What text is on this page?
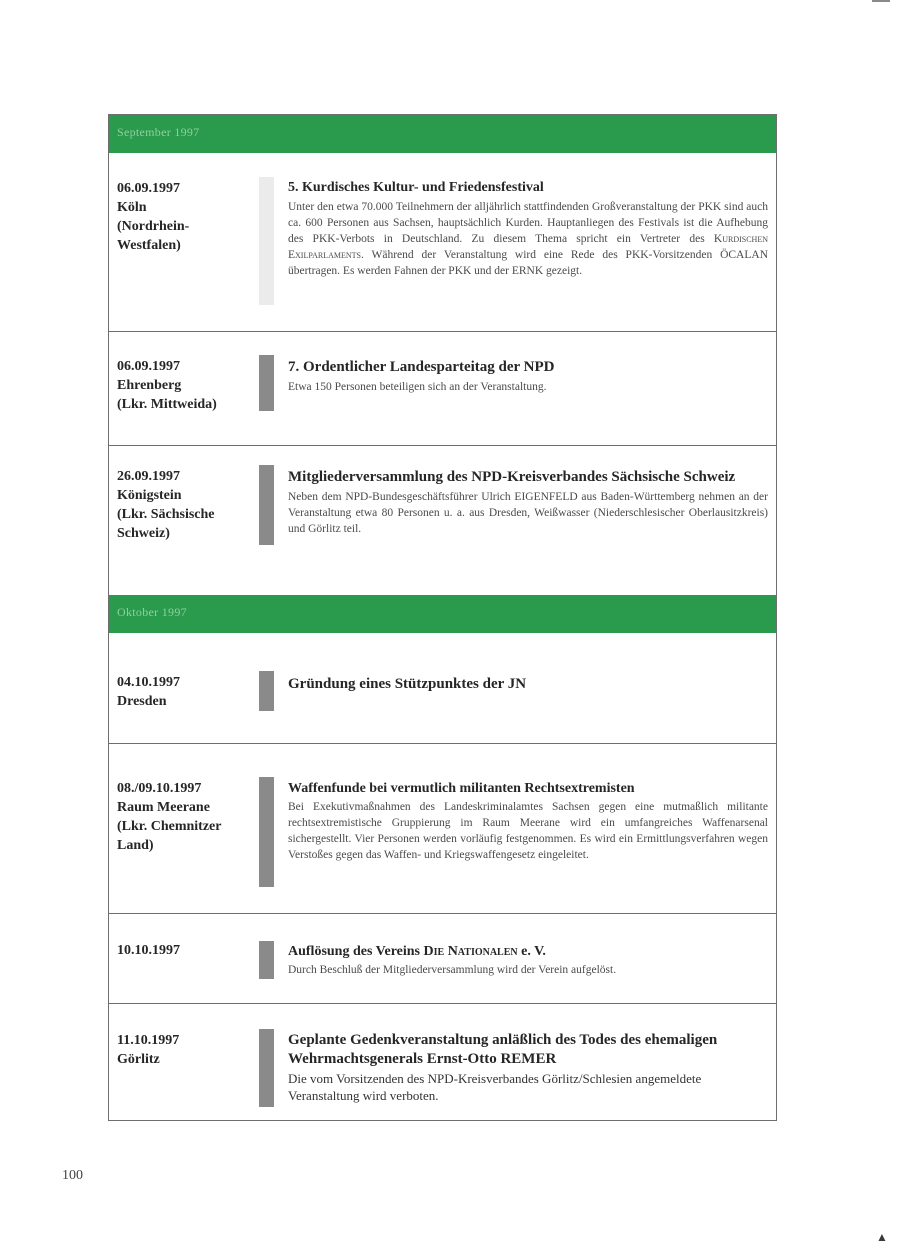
September 1997
06.09.1997
Köln
(Nordrhein-
Westfalen)
5. Kurdisches Kultur- und Friedensfestival
Unter den etwa 70.000 Teilnehmern der alljährlich stattfindenden Großveranstaltung der PKK sind auch ca. 600 Personen aus Sachsen, hauptsächlich Kurden. Hauptanliegen des Festivals ist die Aufhebung des PKK-Verbots in Deutschland. Zu diesem Thema spricht ein Vertreter des Kurdischen Exilparlaments. Während der Veranstaltung wird eine Rede des PKK-Vorsitzenden ÖCALAN übertragen. Es werden Fahnen der PKK und der ERNK gezeigt.
06.09.1997
Ehrenberg
(Lkr. Mittweida)
7. Ordentlicher Landesparteitag der NPD
Etwa 150 Personen beteiligen sich an der Veranstaltung.
26.09.1997
Königstein
(Lkr. Sächsische
Schweiz)
Mitgliederversammlung des NPD-Kreisverbandes Sächsische Schweiz
Neben dem NPD-Bundesgeschäftsführer Ulrich EIGENFELD aus Baden-Württemberg nehmen an der Veranstaltung etwa 80 Personen u. a. aus Dresden, Weißwasser (Niederschlesischer Oberlausitzkreis) und Görlitz teil.
Oktober 1997
04.10.1997
Dresden
Gründung eines Stützpunktes der JN
08./09.10.1997
Raum Meerane
(Lkr. Chemnitzer
Land)
Waffenfunde bei vermutlich militanten Rechtsextremisten
Bei Exekutivmaßnahmen des Landeskriminalamtes Sachsen gegen eine mutmaßlich militante rechtsextremistische Gruppierung im Raum Meerane wird ein umfangreiches Waffenarsenal sichergestellt. Vier Personen werden vorläufig festgenommen. Es wird ein Ermittlungsverfahren wegen Verstoßes gegen das Waffen- und Kriegswaffengesetz eingeleitet.
10.10.1997	Auflösung des Vereins Die Nationalen e. V.
Durch Beschluß der Mitgliederversammlung wird der Verein aufgelöst.
11.10.1997
Görlitz
Geplante Gedenkveranstaltung anläßlich des Todes des ehemaligen Wehrmachtsgenerals Ernst-Otto REMER
Die vom Vorsitzenden des NPD-Kreisverbandes Görlitz/Schlesien angemeldete Veranstaltung wird verboten.
100
▲
